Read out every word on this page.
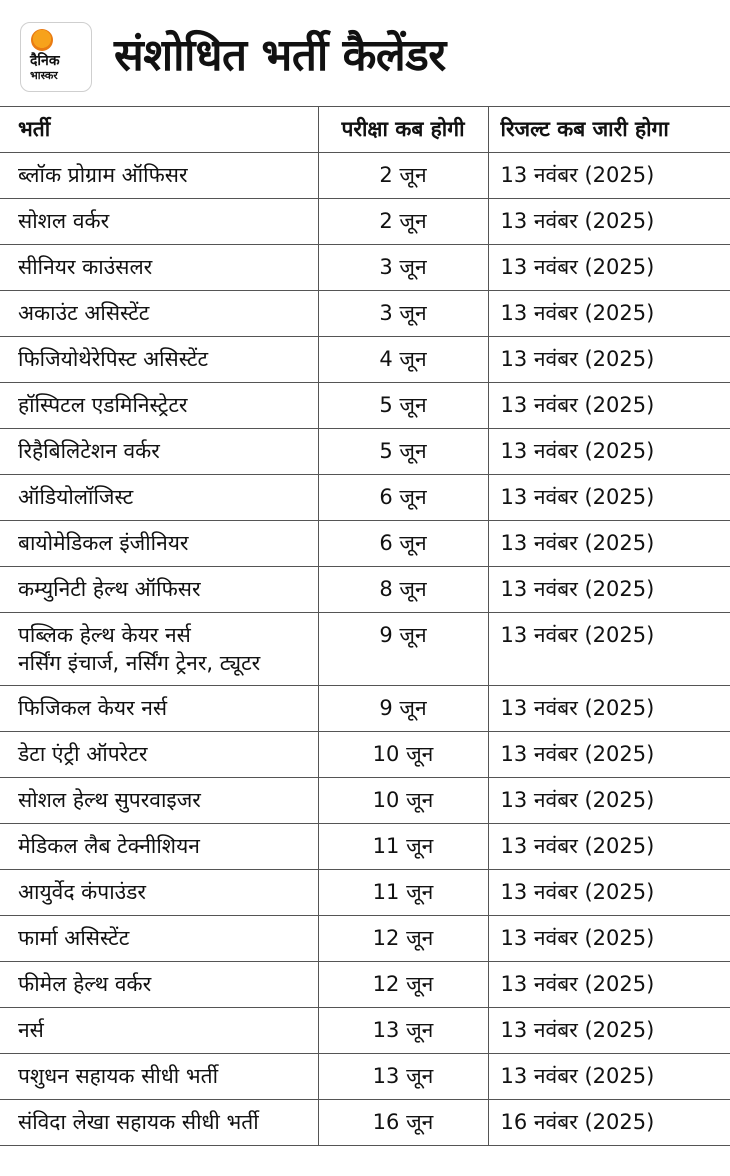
दैनिक
भास्कर	संशोधित भर्ती कैलेंडर
भर्ती	परीक्षा कब होगी	रिजल्ट कब जारी होगा
ब्लॉक प्रोग्राम ऑफिसर	2 जून	13 नवंबर (2025)
सोशल वर्कर	2 जून	13 नवंबर (2025)
सीनियर काउंसलर	3 जून	13 नवंबर (2025)
अकाउंट असिस्टेंट	3 जून	13 नवंबर (2025)
फिजियोथेरेपिस्ट असिस्टेंट	4 जून	13 नवंबर (2025)
हॉस्पिटल एडमिनिस्ट्रेटर	5 जून	13 नवंबर (2025)
रिहैबिलिटेशन वर्कर	5 जून	13 नवंबर (2025)
ऑडियोलॉजिस्ट	6 जून	13 नवंबर (2025)
बायोमेडिकल इंजीनियर	6 जून	13 नवंबर (2025)
कम्युनिटी हेल्थ ऑफिसर	8 जून	13 नवंबर (2025)

पब्लिक हेल्थ केयर नर्स
नर्सिंग इंचार्ज, नर्सिंग ट्रेनर, ट्यूटर	9 जून	13 नवंबर (2025)
फिजिकल केयर नर्स	9 जून	13 नवंबर (2025)
डेटा एंट्री ऑपरेटर	10 जून	13 नवंबर (2025)
सोशल हेल्थ सुपरवाइजर	10 जून	13 नवंबर (2025)
मेडिकल लैब टेक्नीशियन	11 जून	13 नवंबर (2025)
आयुर्वेद कंपाउंडर	11 जून	13 नवंबर (2025)
फार्मा असिस्टेंट	12 जून	13 नवंबर (2025)
फीमेल हेल्थ वर्कर	12 जून	13 नवंबर (2025)
नर्स	13 जून	13 नवंबर (2025)
पशुधन सहायक सीधी भर्ती	13 जून	13 नवंबर (2025)
संविदा लेखा सहायक सीधी भर्ती	16 जून	16 नवंबर (2025)
